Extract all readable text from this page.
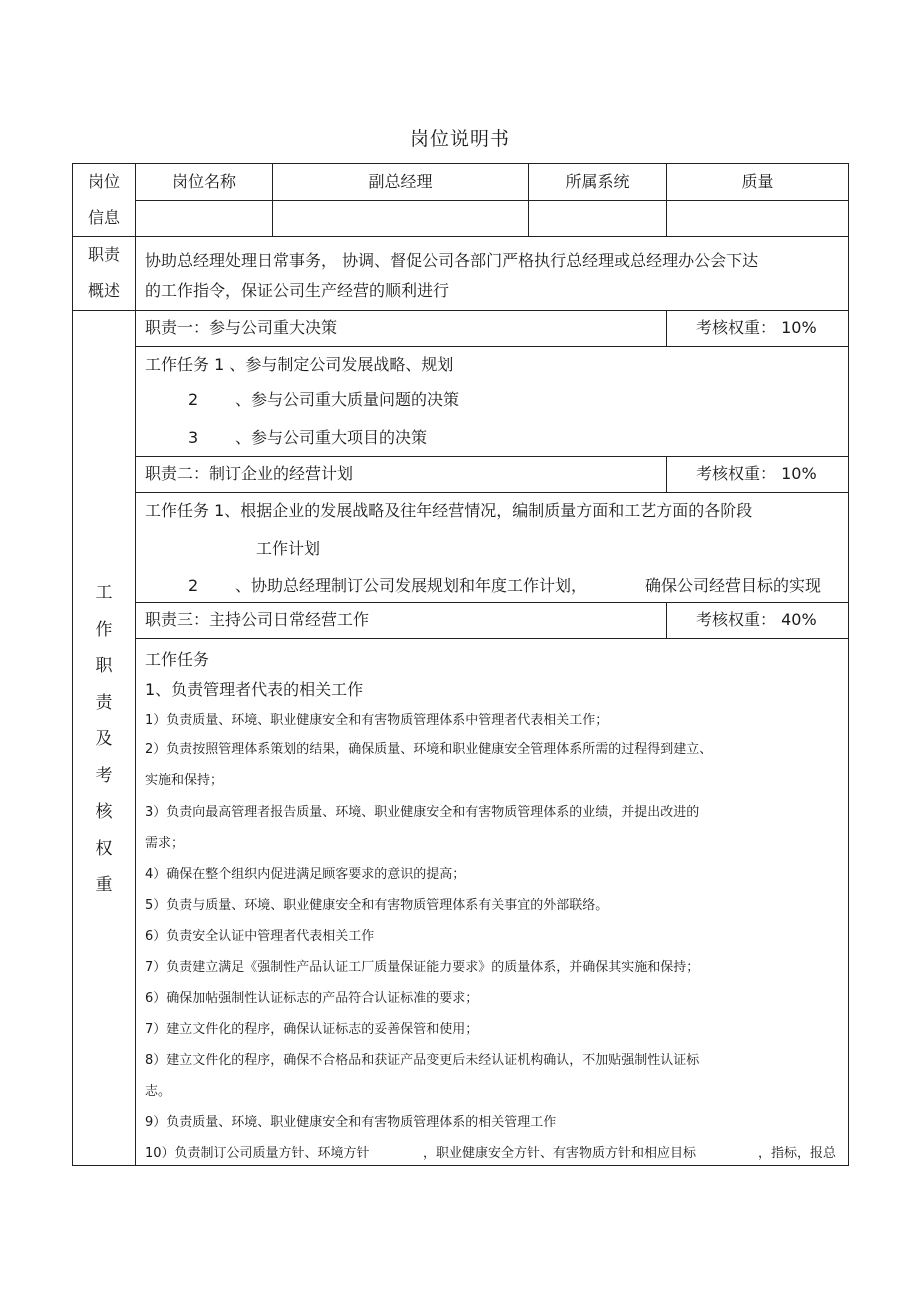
岗位说明书
岗位
信息
岗位名称	副总经理	所属系统	质量
职责
概述
协助总经理处理日常事务， 协调、督促公司各部门严格执行总经理或总经理办公会下达
的工作指令，保证公司生产经营的顺利进行
工
作
职
责
及
考
核
权
重
职责一：参与公司重大决策	考核权重： 10%
工作任务 1 、参与制定公司发展战略、规划
2 、参与公司重大质量问题的决策
3 、参与公司重大项目的决策
职责二：制订企业的经营计划	考核权重： 10%
工作任务 1、根据企业的发展战略及往年经营情况，编制质量方面和工艺方面的各阶段
工作计划
2 、协助总经理制订公司发展规划和年度工作计划，	确保公司经营目标的实现
职责三：主持公司日常经营工作	考核权重： 40%
工作任务
1、负责管理者代表的相关工作
1）负责质量、环境、职业健康安全和有害物质管理体系中管理者代表相关工作；
2）负责按照管理体系策划的结果，确保质量、环境和职业健康安全管理体系所需的过程得到建立、
实施和保持；
3）负责向最高管理者报告质量、环境、职业健康安全和有害物质管理体系的业绩，并提出改进的
需求；
4）确保在整个组织内促进满足顾客要求的意识的提高；
5）负责与质量、环境、职业健康安全和有害物质管理体系有关事宜的外部联络。
6）负责安全认证中管理者代表相关工作
7）负责建立满足《强制性产品认证工厂质量保证能力要求》的质量体系，并确保其实施和保持；
6）确保加帖强制性认证标志的产品符合认证标准的要求；
7）建立文件化的程序，确保认证标志的妥善保管和使用；
8）建立文件化的程序，确保不合格品和获证产品变更后未经认证机构确认，不加贴强制性认证标
志。
9）负责质量、环境、职业健康安全和有害物质管理体系的相关管理工作
10）负责制订公司质量方针、环境方针	，职业健康安全方针、有害物质方针和相应目标	，指标，报总
